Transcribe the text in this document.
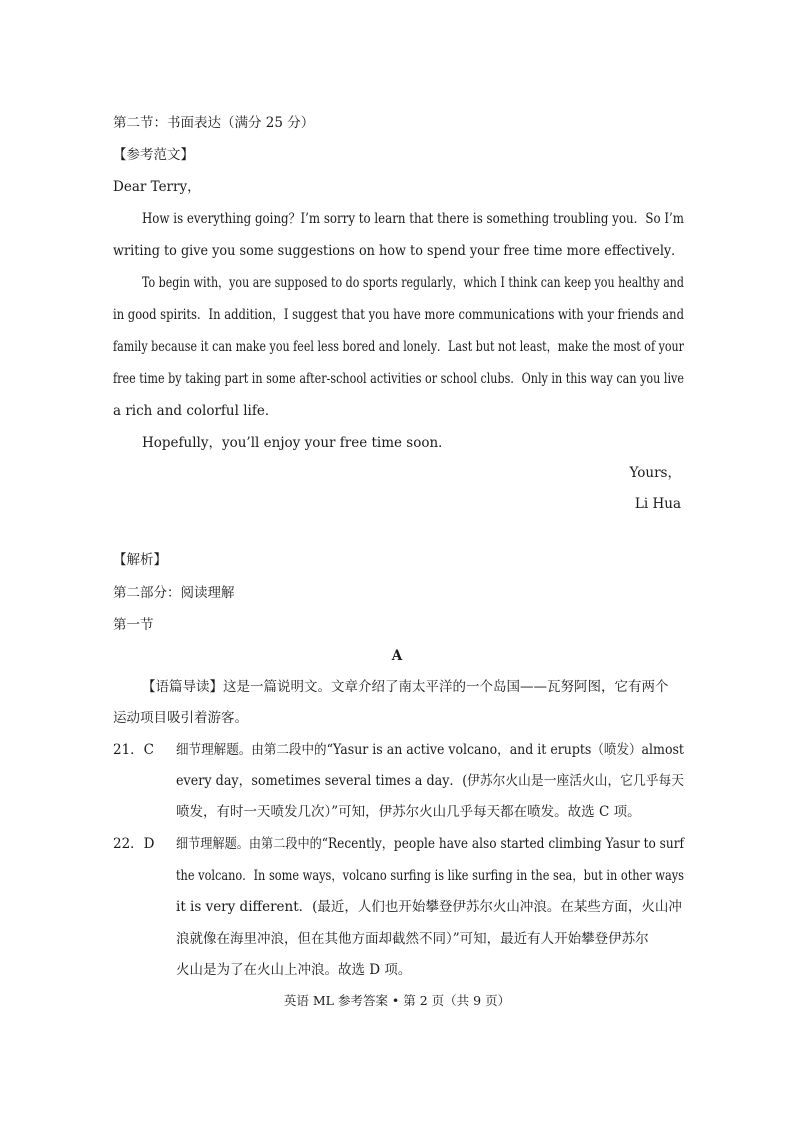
第二节：书面表达（满分 25 分）
【参考范文】
Dear Terry，
How is everything going？I’m sorry to learn that there is something troubling you．So I’m
writing to give you some suggestions on how to spend your free time more effectively．
To begin with，you are supposed to do sports regularly，which I think can keep you healthy and
in good spirits．In addition，I suggest that you have more communications with your friends and
family because it can make you feel less bored and lonely．Last but not least，make the most of your
free time by taking part in some after-school activities or school clubs．Only in this way can you live
a rich and colorful life．
Hopefully，you’ll enjoy your free time soon．
Yours，
Li Hua
【解析】
第二部分：阅读理解
第一节
A
【语篇导读】这是一篇说明文。文章介绍了南太平洋的一个岛国——瓦努阿图，它有两个
运动项目吸引着游客。
21．C 细节理解题。由第二段中的“Yasur is an active volcano，and it erupts（喷发）almost
every day，sometimes several times a day．(伊苏尔火山是一座活火山，它几乎每天
喷发，有时一天喷发几次）”可知，伊苏尔火山几乎每天都在喷发。故选 C 项。
22．D 细节理解题。由第二段中的“Recently，people have also started climbing Yasur to surf
the volcano．In some ways，volcano surfing is like surfing in the sea，but in other ways
it is very different．(最近，人们也开始攀登伊苏尔火山冲浪。在某些方面，火山冲
浪就像在海里冲浪，但在其他方面却截然不同）”可知，最近有人开始攀登伊苏尔
火山是为了在火山上冲浪。故选 D 项。
英语 ML 参考答案 • 第 2 页（共 9 页）
